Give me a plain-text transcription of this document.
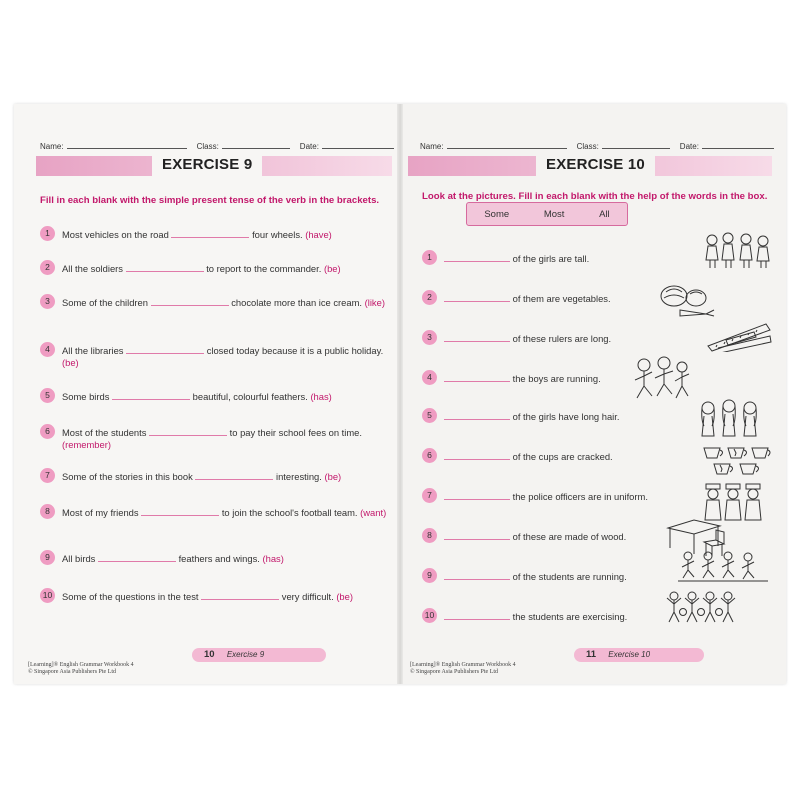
Name:	Class:	Date:
EXERCISE 9
Fill in each blank with the simple present tense of the verb in the brackets.
1	Most vehicles on the road	four wheels. (have)
2	All the soldiers	to report to the commander. (be)
3	Some of the children	chocolate more than ice cream. (like)
4	All the libraries	closed today because it is a public holiday. (be)
5	Some birds	beautiful, colourful feathers. (has)
6	Most of the students	to pay their school fees on time. (remember)
7	Some of the stories in this book	interesting. (be)
8	Most of my friends	to join the school's football team. (want)
9	All birds	feathers and wings. (has)
10 Some of the questions in the test	very difficult. (be)
10 Exercise 9
[Learning]® English Grammar Workbook 4
© Singapore Asia Publishers Pte Ltd
Name:	Class:	Date:
EXERCISE 10
Look at the pictures. Fill in each blank with the help of the words in the box.
Some	Most	All
1	of the girls are tall.
2	of them are vegetables.
3	of these rulers are long.
4	the boys are running.
5	of the girls have long hair.
6	of the cups are cracked.
7	the police officers are in uniform.
8	of these are made of wood.
9	of the students are running.
10	the students are exercising.
11 Exercise 10
[Learning]® English Grammar Workbook 4
© Singapore Asia Publishers Pte Ltd
